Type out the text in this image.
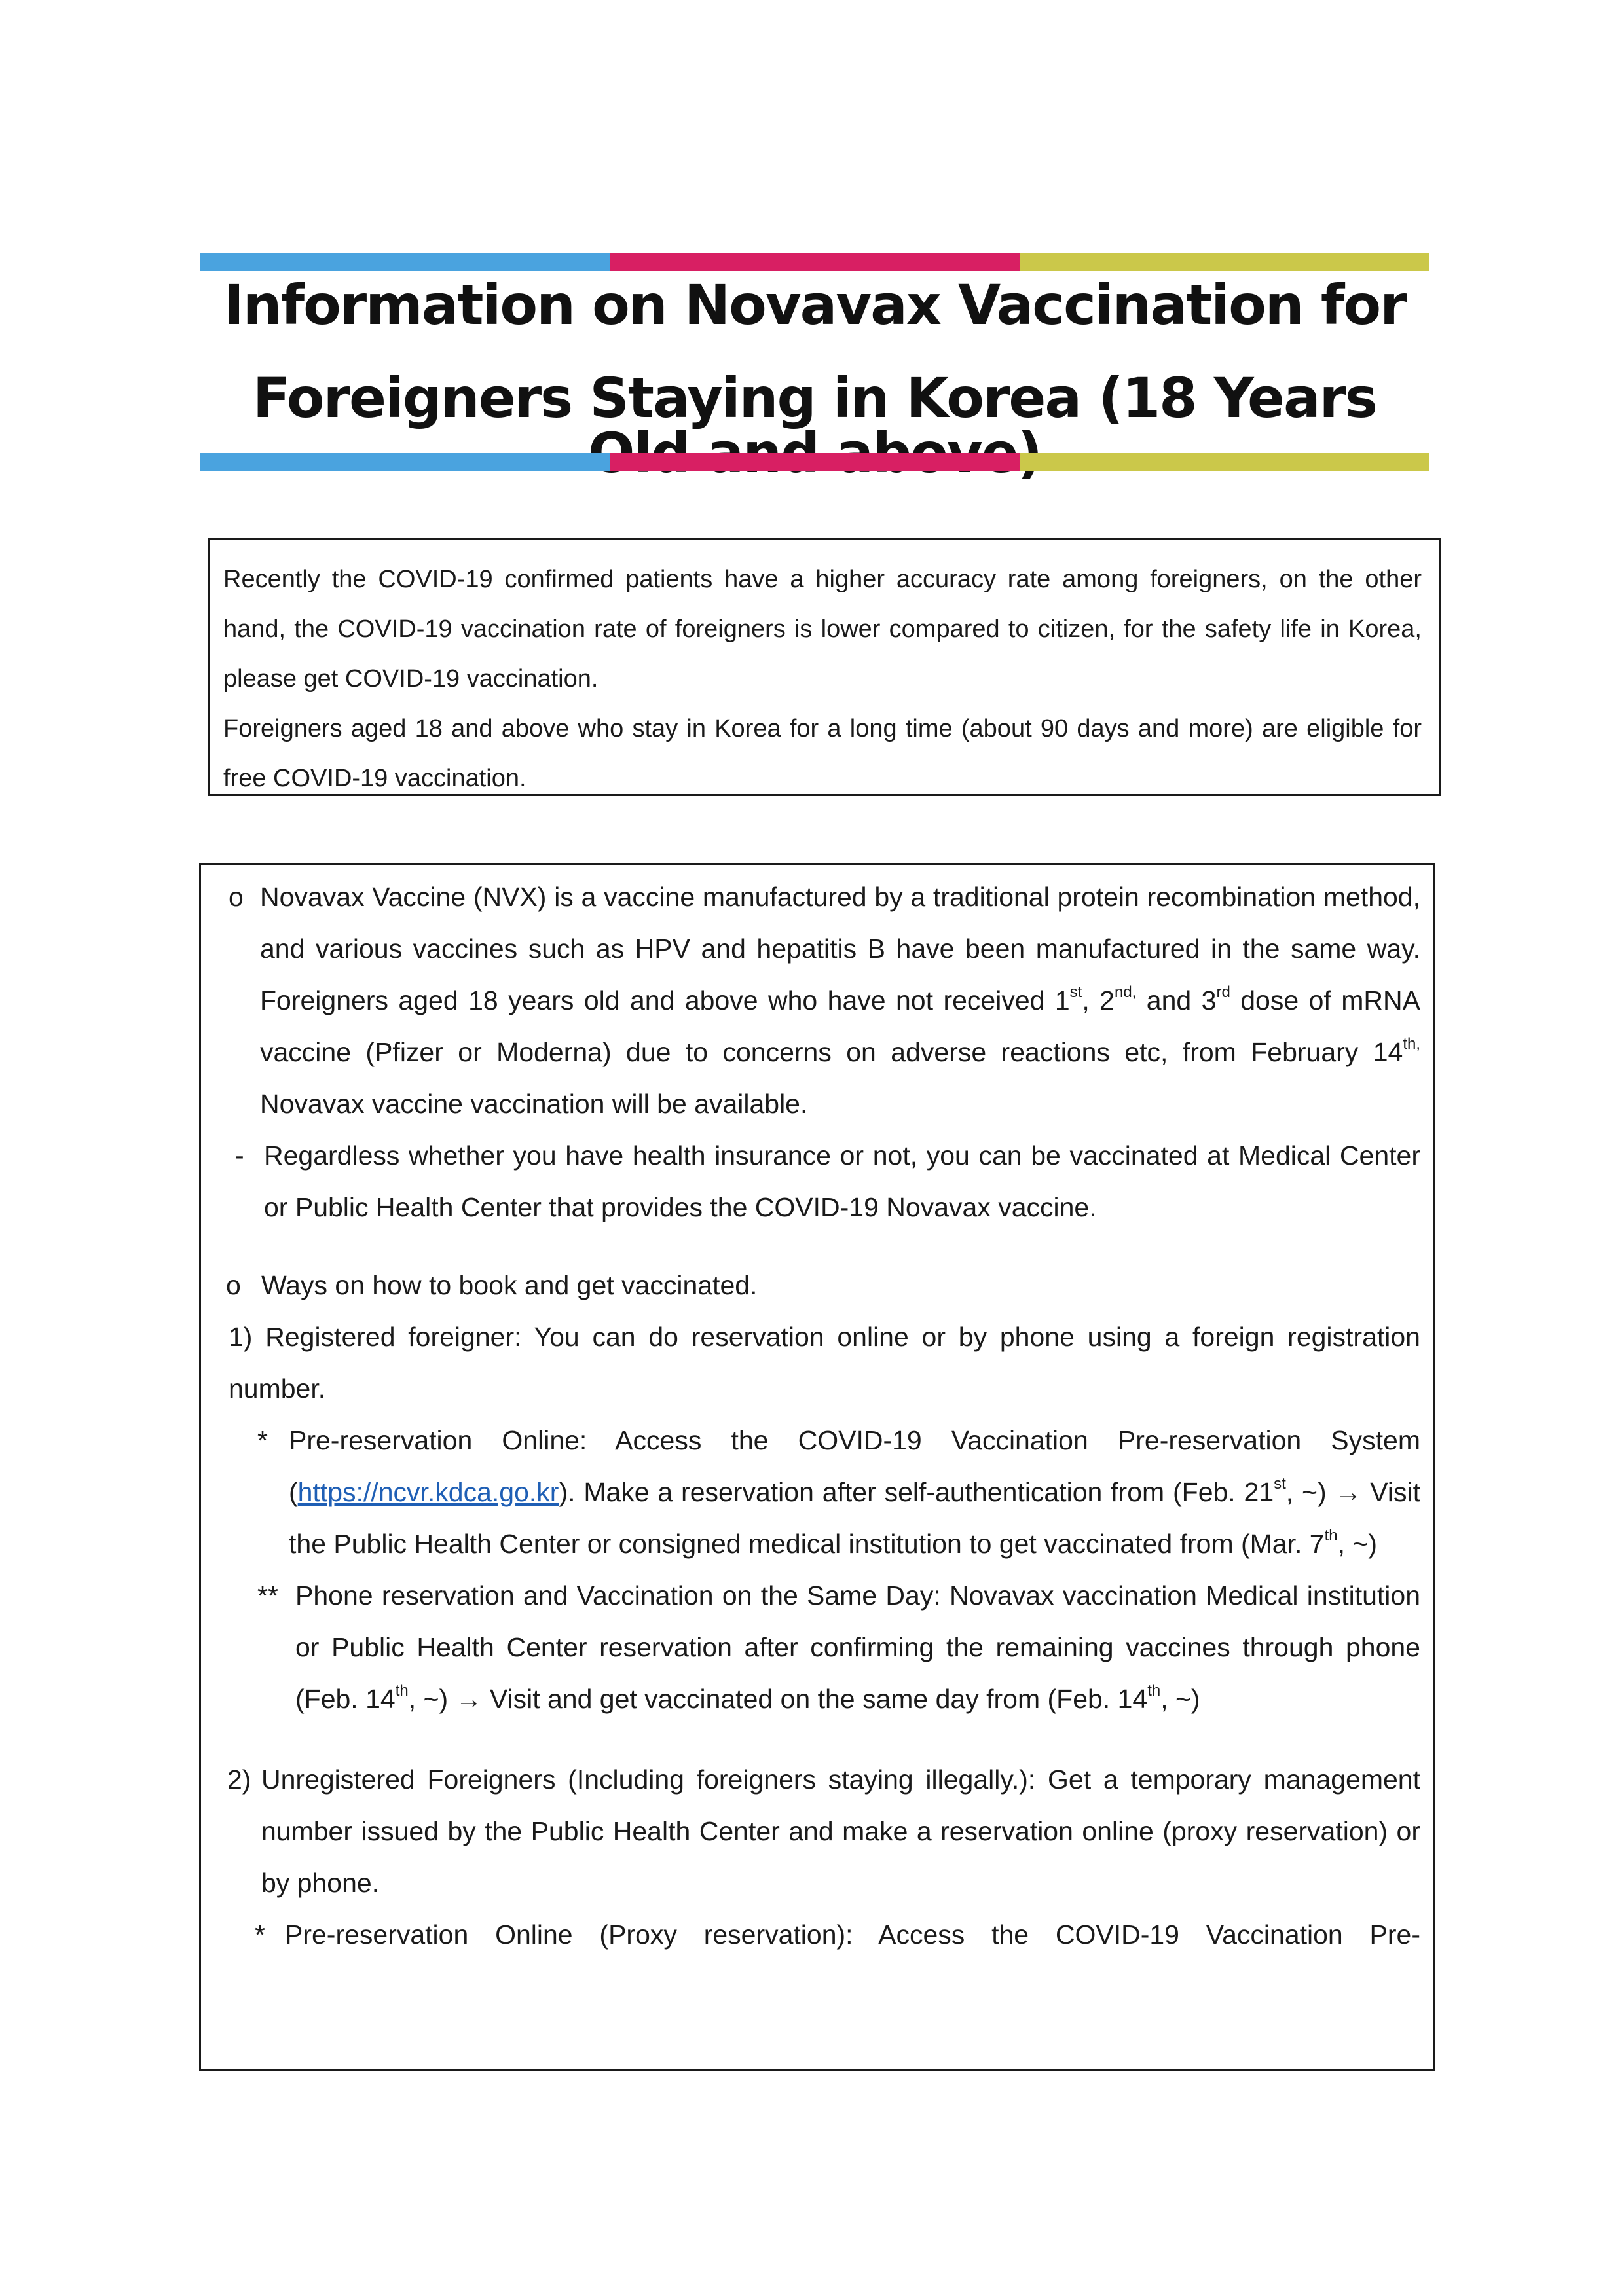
Information on Novavax Vaccination for
Foreigners Staying in Korea (18 Years

Recently the COVID-19 confirmed patients have a higher accuracy rate among foreigners, on the other hand, the COVID-19 vaccination rate of foreigners is lower compared to citizen, for the safety life in Korea, please get COVID-19 vaccination.

Foreigners aged 18 and above who stay in Korea for a long time (about 90 days and more) are eligible for free COVID-19 vaccination.

o Novavax Vaccine (NVX) is a vaccine manufactured by a traditional protein recombination method, and various vaccines such as HPV and hepatitis B have been manufactured in the same way. Foreigners aged 18 years old and above who have not received 1st, $2^{nd,}$ and 3rd dose of mRNA vaccine (Pfizer or Moderna) due to concerns on adverse reactions etc, from February $14^{th,}$ Novavax vaccine vaccination will be available.

- Regardless whether you have health insurance or not, you can be vaccinated at Medical Center or Public Health Center that provides the COVID-19 Novavax vaccine.

o Ways on how to book and get vaccinated.

1) Registered foreigner: You can do reservation online or by phone using a foreign registration number.

* Pre-reservation Online: Access the COVID-19 Vaccination Pre-reservation System (https://ncvr.kdca.go.kr). Make a reservation after self-authentication from (Feb. 21st, ~) → Visit the Public Health Center or consigned medical institution to get vaccinated from (Mar. 7th, ~)

** Phone reservation and Vaccination on the Same Day: Novavax vaccination Medical institution or Public Health Center reservation after confirming the remaining vaccines through phone (Feb. 14th, ~) → Visit and get vaccinated on the same day from (Feb. 14th, ~)

2) Unregistered Foreigners (Including foreigners staying illegally.): Get a temporary management number issued by the Public Health Center and make a reservation online (proxy reservation) or by phone.

* Pre-reservation Online (Proxy reservation): Access the COVID-19 Vaccination Pre-
